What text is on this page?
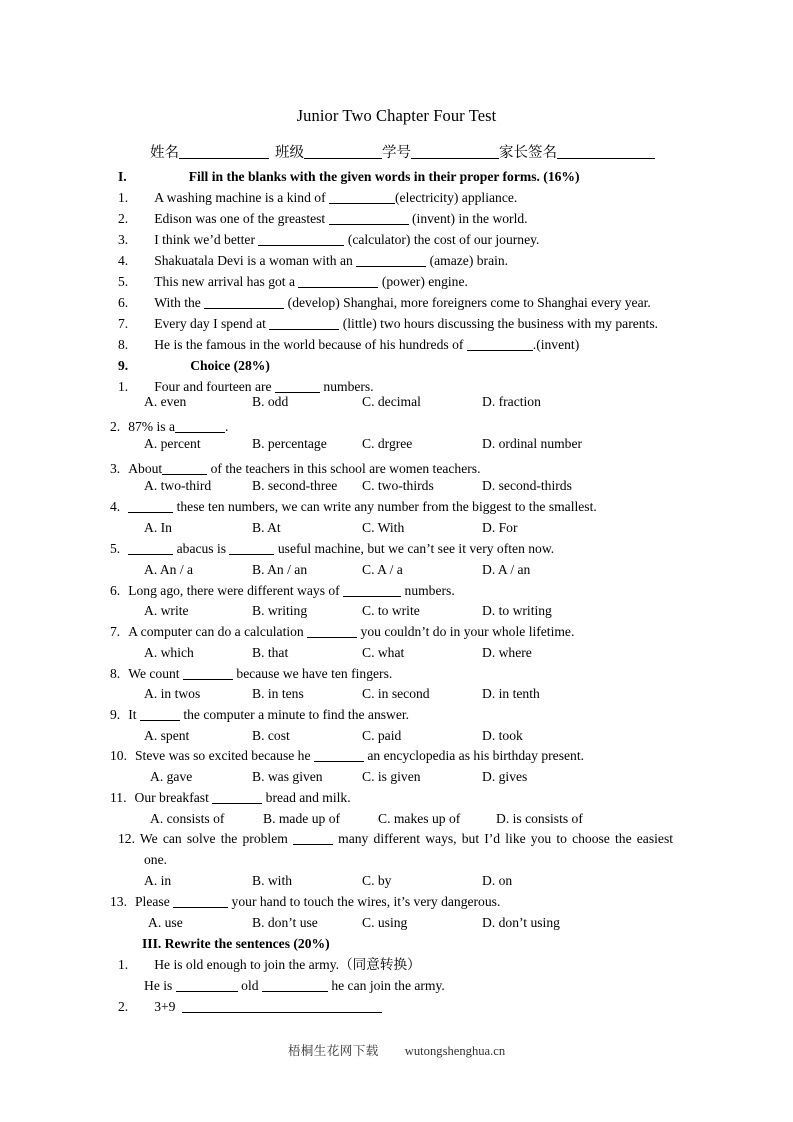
Junior Two Chapter Four Test
姓名	班级	学号	家长签名
I.	Fill in the blanks with the given words in their proper forms. (16%)
1. A washing machine is a kind of	(electricity) appliance.
2. Edison was one of the greastest	(invent) in the world.
3. I think we’d better	(calculator) the cost of our journey.
4. Shakuatala Devi is a woman with an	(amaze) brain.
5. This new arrival has got a	(power) engine.
6. With the	(develop) Shanghai, more foreigners come to Shanghai every year.
7. Every day I spend at	(little) two hours discussing the business with my parents.
8. He is the famous in the world because of his hundreds of	.(invent)
9.	Choice (28%)
1. Four and fourteen are	numbers.
A. even	B. odd	C. decimal	D. fraction
2. 87% is a	.
A. percent	B. percentage	C. drgree	D. ordinal number
3. About	of the teachers in this school are women teachers.
A. two-third	B. second-three C. two-thirds	D. second-thirds
4.	these ten numbers, we can write any number from the biggest to the smallest.
A. In	B. At	C. With	D. For
5.	abacus is	useful machine, but we can’t see it very often now.
A. An / a	B. An / an	C. A / a	D. A / an
6. Long ago, there were different ways of	numbers.
A. write	B. writing	C. to write	D. to writing
7. A computer can do a calculation	you couldn’t do in your whole lifetime.
A. which	B. that	C. what	D. where
8. We count	because we have ten fingers.
A. in twos	B. in tens	C. in second	D. in tenth
9. It	the computer a minute to find the answer.
A. spent	B. cost	C. paid	D. took
10. Steve was so excited because he	an encyclopedia as his birthday present.
A. gave	B. was given	C. is given	D. gives
11. Our breakfast	bread and milk.
A. consists of	B. made up of	C. makes up of	D. is consists of
12. We can solve the problem	many different ways, but I’d like you to choose the easiest
one.
A. in	B. with	C. by	D. on
13. Please	your hand to touch the wires, it’s very dangerous.
A. use	B. don’t use	C. using	D. don’t using
III. Rewrite the sentences (20%)
1. He is old enough to join the army.（同意转换）
He is	old	he can join the army.
2. 3+9
梧桐生花网下载 wutongshenghua.cn
